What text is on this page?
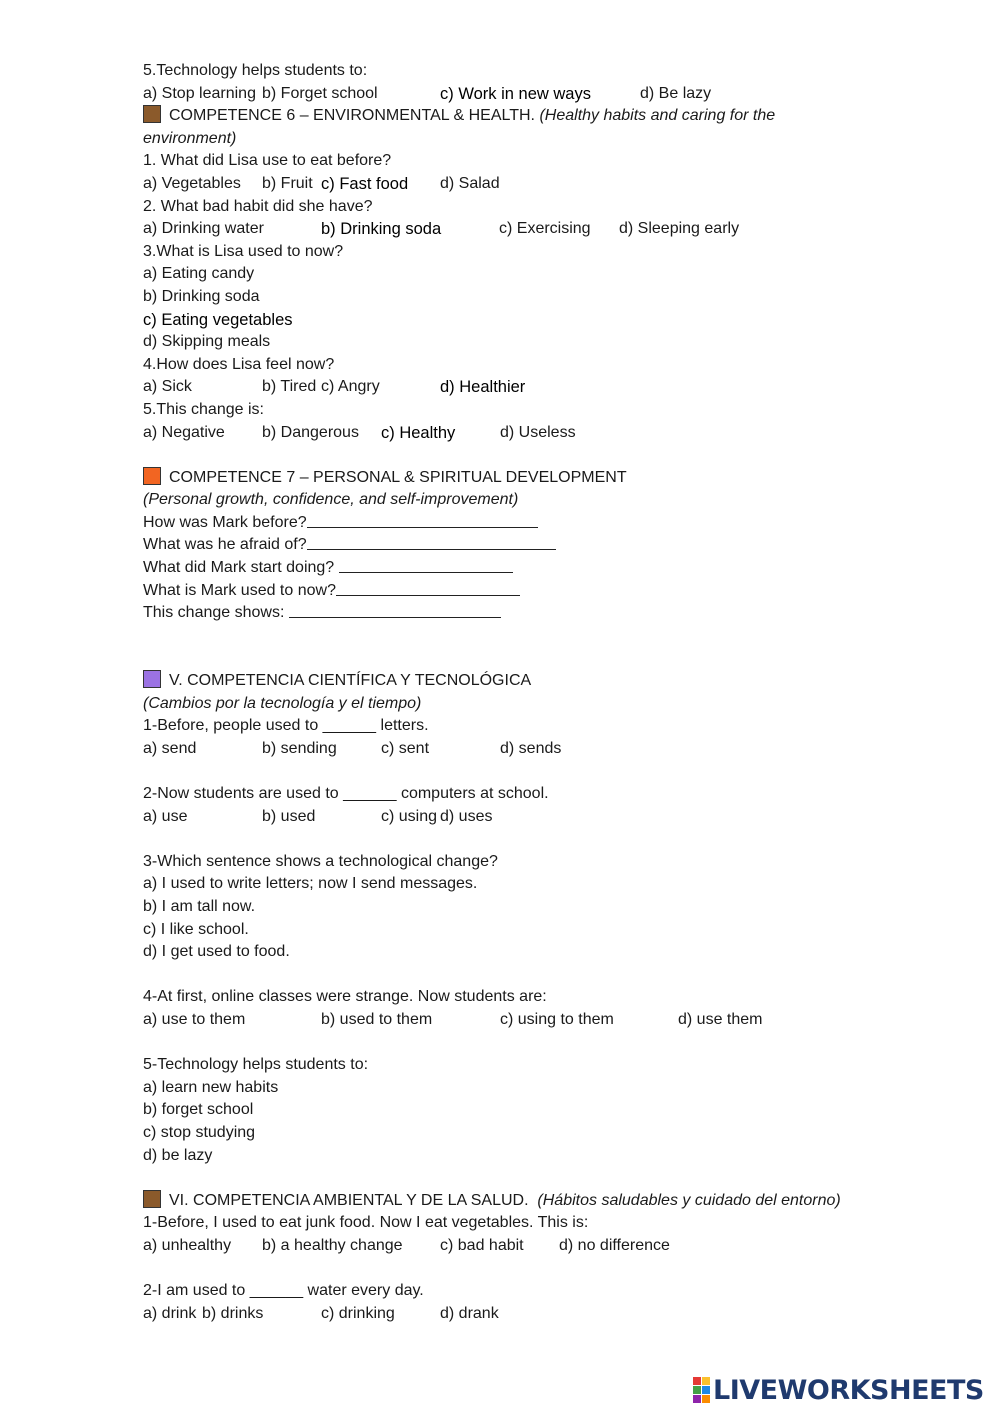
5.Technology helps students to:
a) Stop learning b) Forget school	c) Work in new ways	d) Be lazy
COMPETENCE 6 – ENVIRONMENTAL & HEALTH. (Healthy habits and caring for the
environment)
1. What did Lisa use to eat before?
a) Vegetables b) Fruit c) Fast food d) Salad
2. What bad habit did she have?
a) Drinking water	b) Drinking soda	c) Exercising d) Sleeping early
3.What is Lisa used to now?
a) Eating candy
b) Drinking soda
c) Eating vegetables
d) Skipping meals
4.How does Lisa feel now?
a) Sick	b) Tired c) Angry	d) Healthier
5.This change is:
a) Negative b) Dangerous c) Healthy	d) Useless
COMPETENCE 7 – PERSONAL & SPIRITUAL DEVELOPMENT
(Personal growth, confidence, and self-improvement)
How was Mark before?
What was he afraid of?
What did Mark start doing?
What is Mark used to now?
This change shows:
V. COMPETENCIA CIENTÍFICA Y TECNOLÓGICA
(Cambios por la tecnología y el tiempo)
1-Before, people used to ______ letters.
a) send	b) sending	c) sent	d) sends
2-Now students are used to ______ computers at school.
a) use	b) used	c) using d) uses
3-Which sentence shows a technological change?
a) I used to write letters; now I send messages.
b) I am tall now.
c) I like school.
d) I get used to food.
4-At first, online classes were strange. Now students are:
a) use to them	b) used to them	c) using to them	d) use them
5-Technology helps students to:
a) learn new habits
b) forget school
c) stop studying
d) be lazy
VI. COMPETENCIA AMBIENTAL Y DE LA SALUD. (Hábitos saludables y cuidado del entorno)
1-Before, I used to eat junk food. Now I eat vegetables. This is:
a) unhealthy b) a healthy change c) bad habit d) no difference
2-I am used to ______ water every day.
a) drink b) drinks	c) drinking	d) drank
LIVEWORKSHEETS
